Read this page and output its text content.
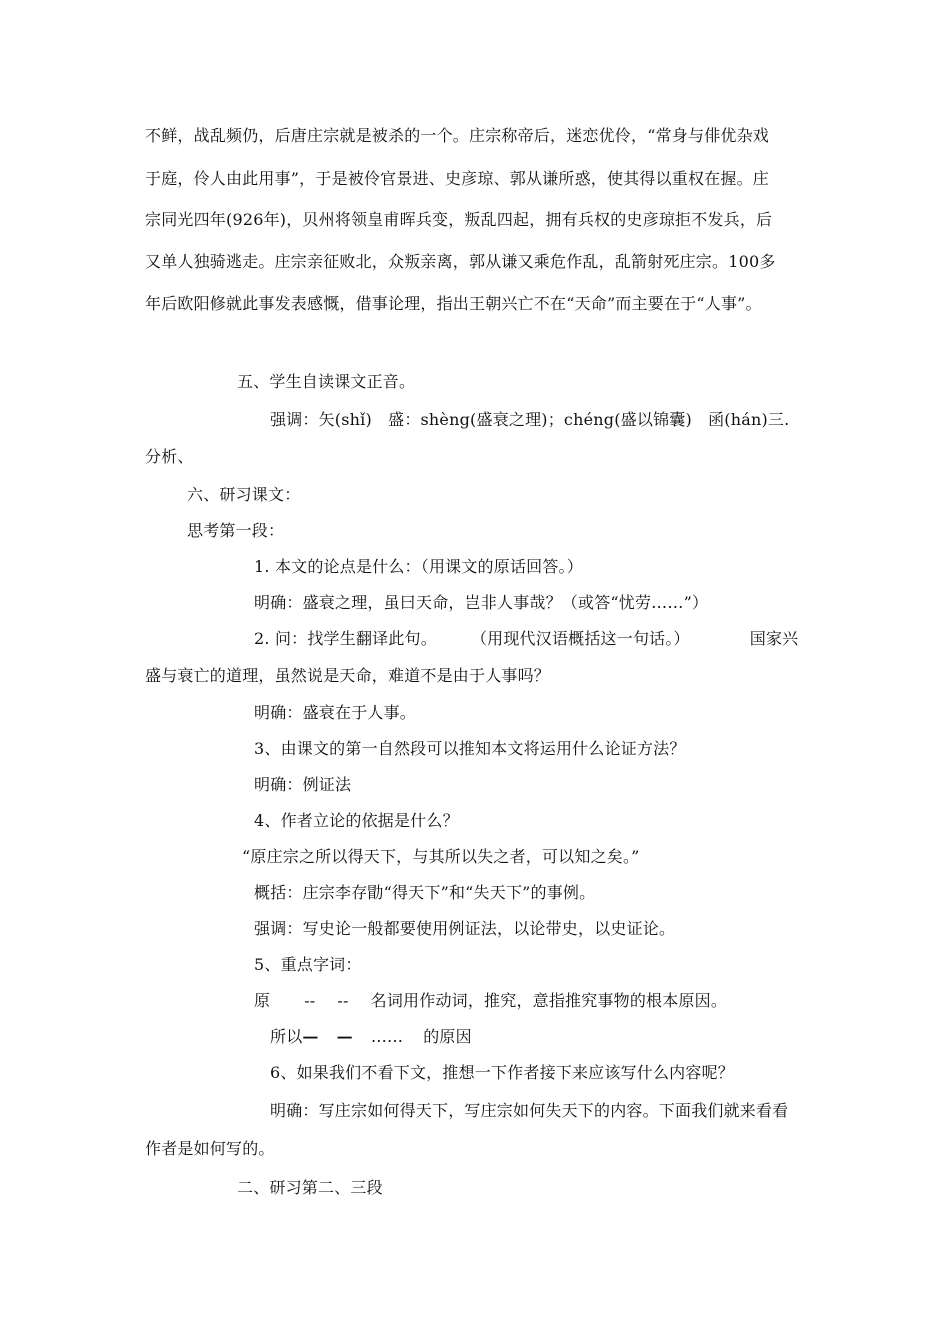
不鲜，战乱频仍，后唐庄宗就是被杀的一个。庄宗称帝后，迷恋优伶，“常身与俳优杂戏
于庭，伶人由此用事”，于是被伶官景进、史彦琼、郭从谦所惑，使其得以重权在握。庄
宗同光四年(926年)，贝州将领皇甫晖兵变，叛乱四起，拥有兵权的史彦琼拒不发兵，后
又单人独骑逃走。庄宗亲征败北，众叛亲离，郭从谦又乘危作乱，乱箭射死庄宗。100多
年后欧阳修就此事发表感慨，借事论理，指出王朝兴亡不在“天命”而主要在于“人事”。
五、学生自读课文正音。
强调：矢(shǐ)　盛：shèng(盛衰之理)；chéng(盛以锦囊)　函(hán)三.
分析、
六、研习课文：
思考第一段：
1. 本文的论点是什么：（用课文的原话回答。）
明确：盛衰之理，虽曰天命，岂非人事哉？（或答“忧劳……”）
2. 问：找学生翻译此句。 （用现代汉语概括这一句话。）	国家兴
盛与衰亡的道理，虽然说是天命，难道不是由于人事吗？
明确：盛衰在于人事。
3、由课文的第一自然段可以推知本文将运用什么论证方法？
明确：例证法
4、作者立论的依据是什么？
“原庄宗之所以得天下，与其所以失之者，可以知之矣。”
概括：庄宗李存勖“得天下”和“失天下”的事例。
强调：写史论一般都要使用例证法，以论带史，以史证论。
5、重点字词：
原 -- -- 名词用作动词，推究，意指推究事物的根本原因。
所以— — …… 的原因
6、如果我们不看下文，推想一下作者接下来应该写什么内容呢？
明确：写庄宗如何得天下，写庄宗如何失天下的内容。下面我们就来看看
作者是如何写的。
二、研习第二、三段
